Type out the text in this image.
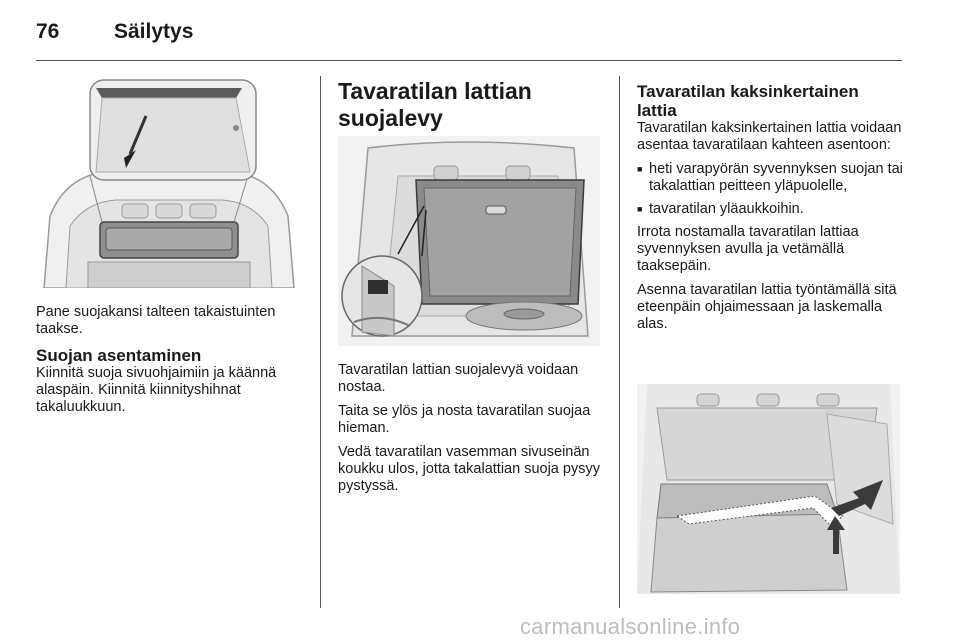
76	Säilytys

Pane suojakansi talteen takaistuinten taakse.

Suojan asentaminen

Kiinnitä suoja sivuohjaimiin ja käännä alaspäin. Kiinnitä kiinnityshihnat takaluukkuun.

Tavaratilan lattian suojalevy

Tavaratilan lattian suojalevyä voidaan nostaa.

Taita se ylös ja nosta tavaratilan suojaa hieman.

Vedä tavaratilan vasemman sivuseinän koukku ulos, jotta takalattian suoja pysyy pystyssä.

Tavaratilan kaksinkertainen lattia

Tavaratilan kaksinkertainen lattia voidaan asentaa tavaratilaan kahteen asentoon:

■ heti varapyörän syvennyksen suojan tai takalattian peitteen yläpuolelle,
■ tavaratilan yläaukkoihin.

Irrota nostamalla tavaratilan lattiaa syvennyksen avulla ja vetämällä taaksepäin.

Asenna tavaratilan lattia työntämällä sitä eteenpäin ohjaimessaan ja laskemalla alas.

carmanualsonline.info
